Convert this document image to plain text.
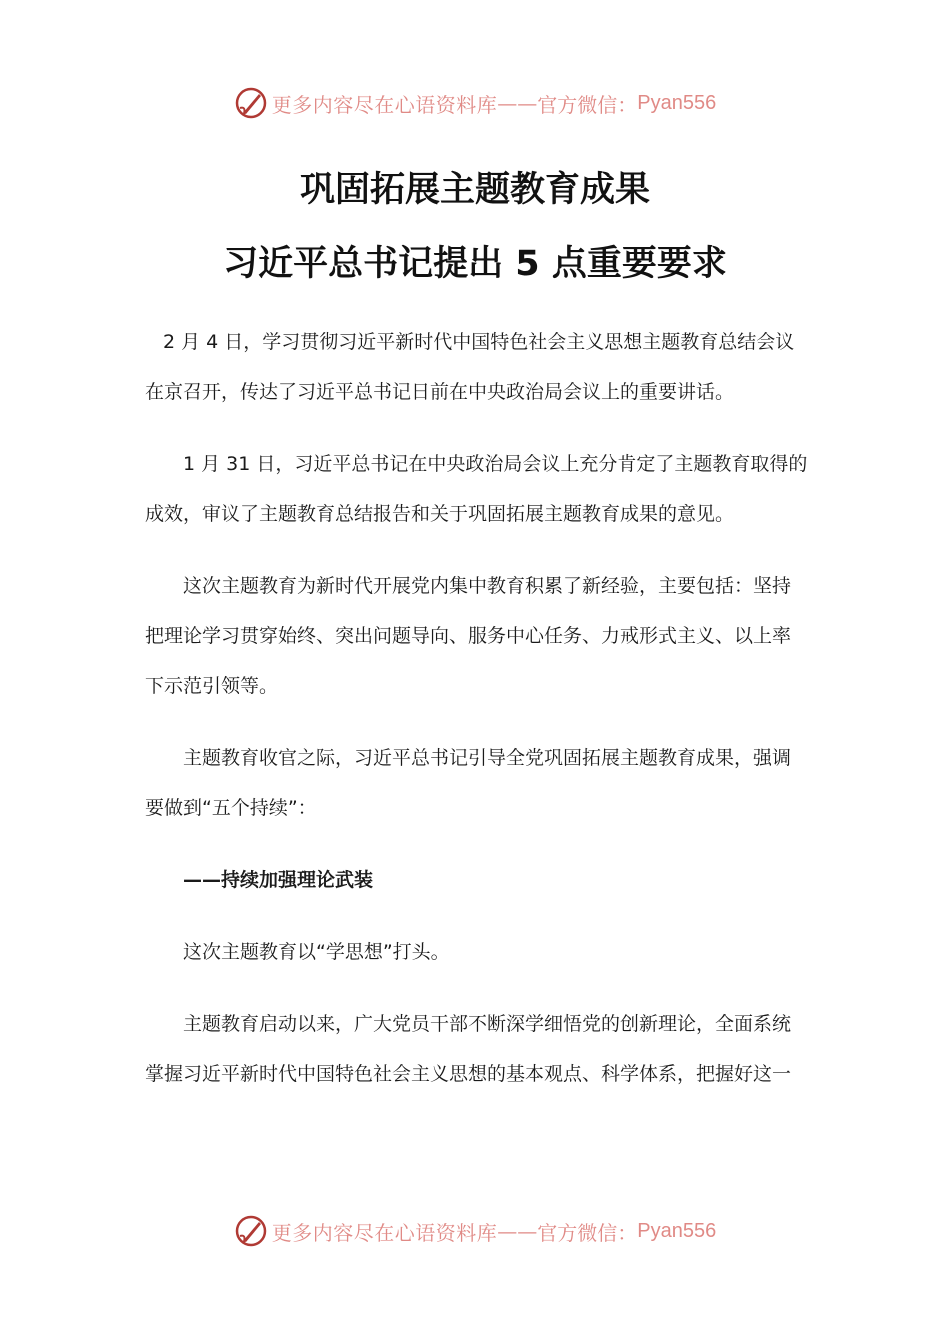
更多内容尽在心语资料库 —— 官方微信： Pyan556
巩固拓展主题教育成果
习近平总书记提出 5 点重要要求
2 月 4 日，学习贯彻习近平新时代中国特色社会主义思想主题教育总结会议
在京召开，传达了习近平总书记日前在中央政治局会议上的重要讲话。
1 月 31 日，习近平总书记在中央政治局会议上充分肯定了主题教育取得的
成效，审议了主题教育总结报告和关于巩固拓展主题教育成果的意见。
这次主题教育为新时代开展党内集中教育积累了新经验，主要包括：坚持
把理论学习贯穿始终、突出问题导向、服务中心任务、力戒形式主义、以上率
下示范引领等。
主题教育收官之际，习近平总书记引导全党巩固拓展主题教育成果，强调
要做到“五个持续”：
——持续加强理论武装
这次主题教育以“学思想”打头。
主题教育启动以来，广大党员干部不断深学细悟党的创新理论，全面系统
掌握习近平新时代中国特色社会主义思想的基本观点、科学体系，把握好这一
更多内容尽在心语资料库 —— 官方微信： Pyan556
